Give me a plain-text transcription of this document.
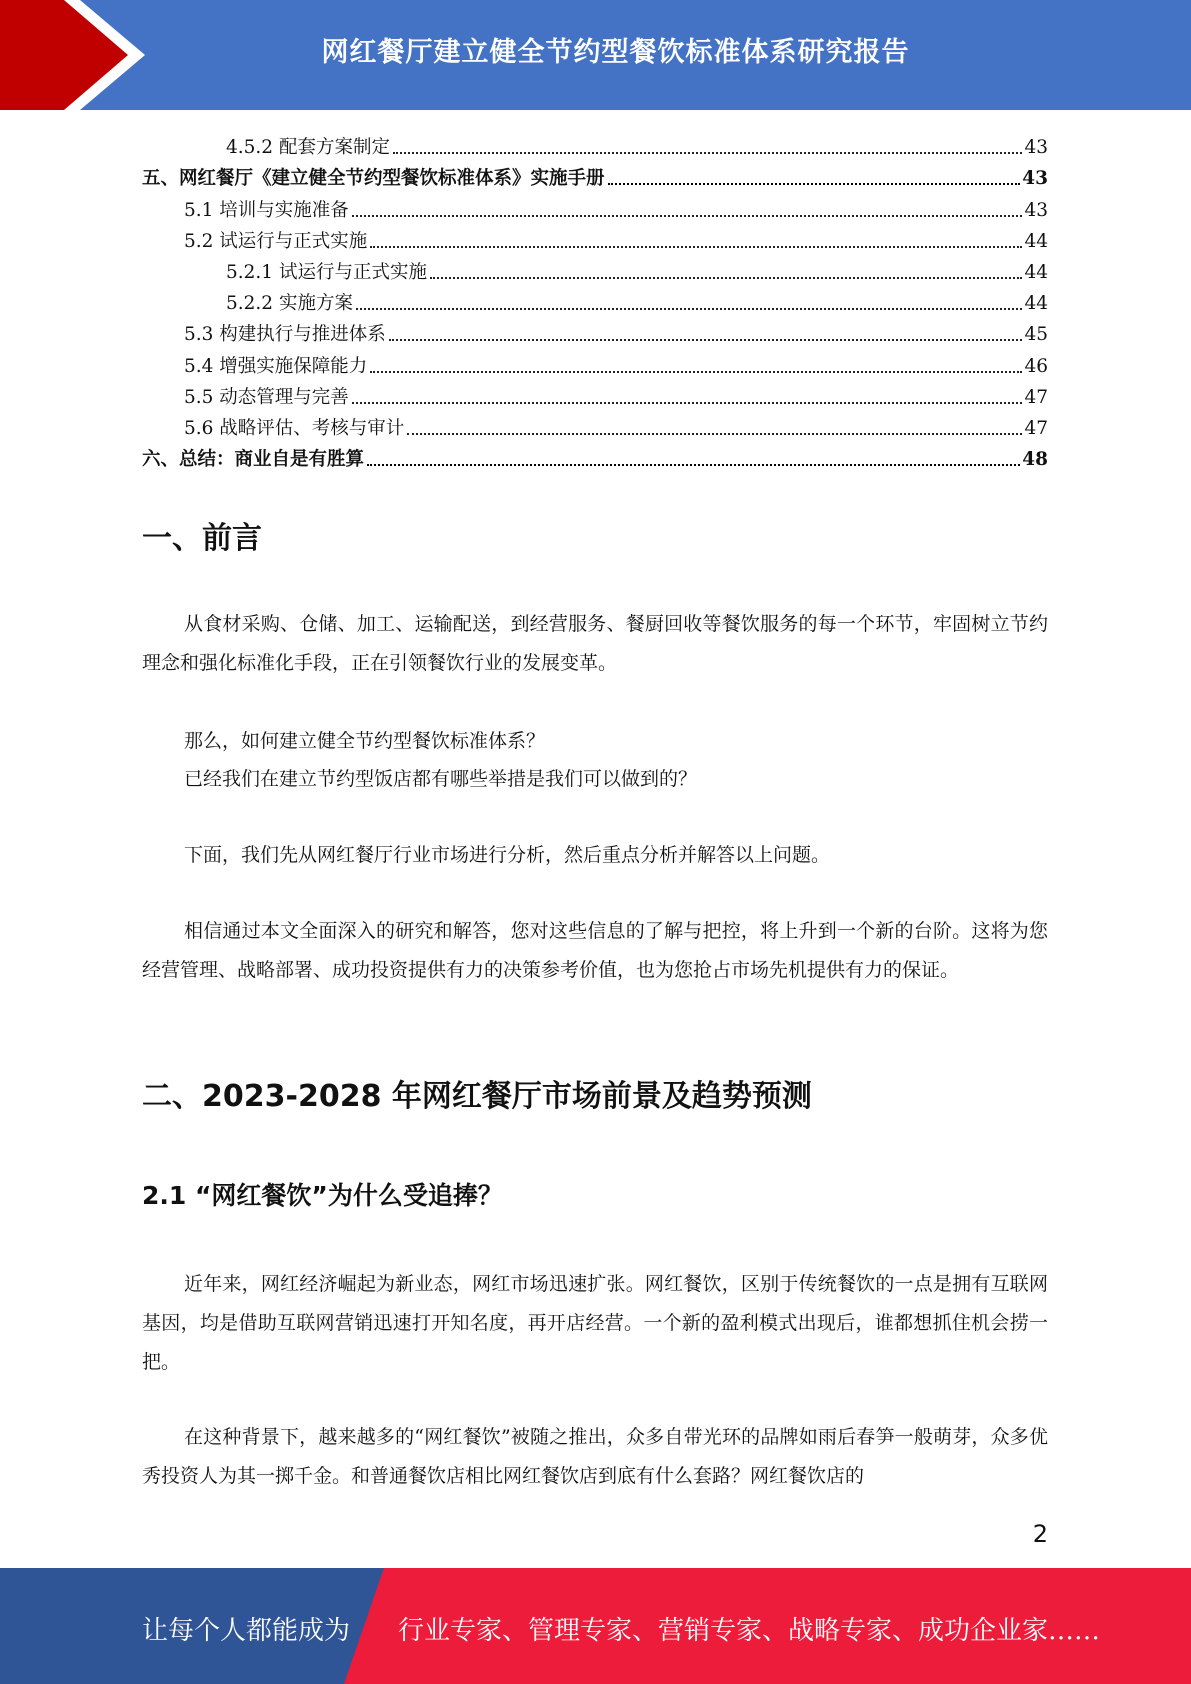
网红餐厅建立健全节约型餐饮标准体系研究报告
4.5.2 配套方案制定	43
五、网红餐厅《建立健全节约型餐饮标准体系》实施手册	43
5.1 培训与实施准备	43
5.2 试运行与正式实施	44
5.2.1 试运行与正式实施	44
5.2.2 实施方案	44
5.3 构建执行与推进体系	45
5.4 增强实施保障能力	46
5.5 动态管理与完善	47
5.6 战略评估、考核与审计	47
六、总结：商业自是有胜算	48
一、前言

从食材采购、仓储、加工、运输配送，到经营服务、餐厨回收等餐饮服务的每一个环节，牢固树立节约理念和强化标准化手段，正在引领餐饮行业的发展变革。

那么，如何建立健全节约型餐饮标准体系？

已经我们在建立节约型饭店都有哪些举措是我们可以做到的？

下面，我们先从网红餐厅行业市场进行分析，然后重点分析并解答以上问题。

相信通过本文全面深入的研究和解答，您对这些信息的了解与把控，将上升到一个新的台阶。这将为您经营管理、战略部署、成功投资提供有力的决策参考价值，也为您抢占市场先机提供有力的保证。

二、2023-2028 年网红餐厅市场前景及趋势预测
2.1 “网红餐饮”为什么受追捧？

近年来，网红经济崛起为新业态，网红市场迅速扩张。网红餐饮，区别于传统餐饮的一点是拥有互联网基因，均是借助互联网营销迅速打开知名度，再开店经营。一个新的盈利模式出现后，谁都想抓住机会捞一把。

在这种背景下，越来越多的“网红餐饮”被随之推出，众多自带光环的品牌如雨后春笋一般萌芽，众多优秀投资人为其一掷千金。和普通餐饮店相比网红餐饮店到底有什么套路？网红餐饮店的

2
让每个人都能成为 行业专家、管理专家、营销专家、战略专家、成功企业家……
